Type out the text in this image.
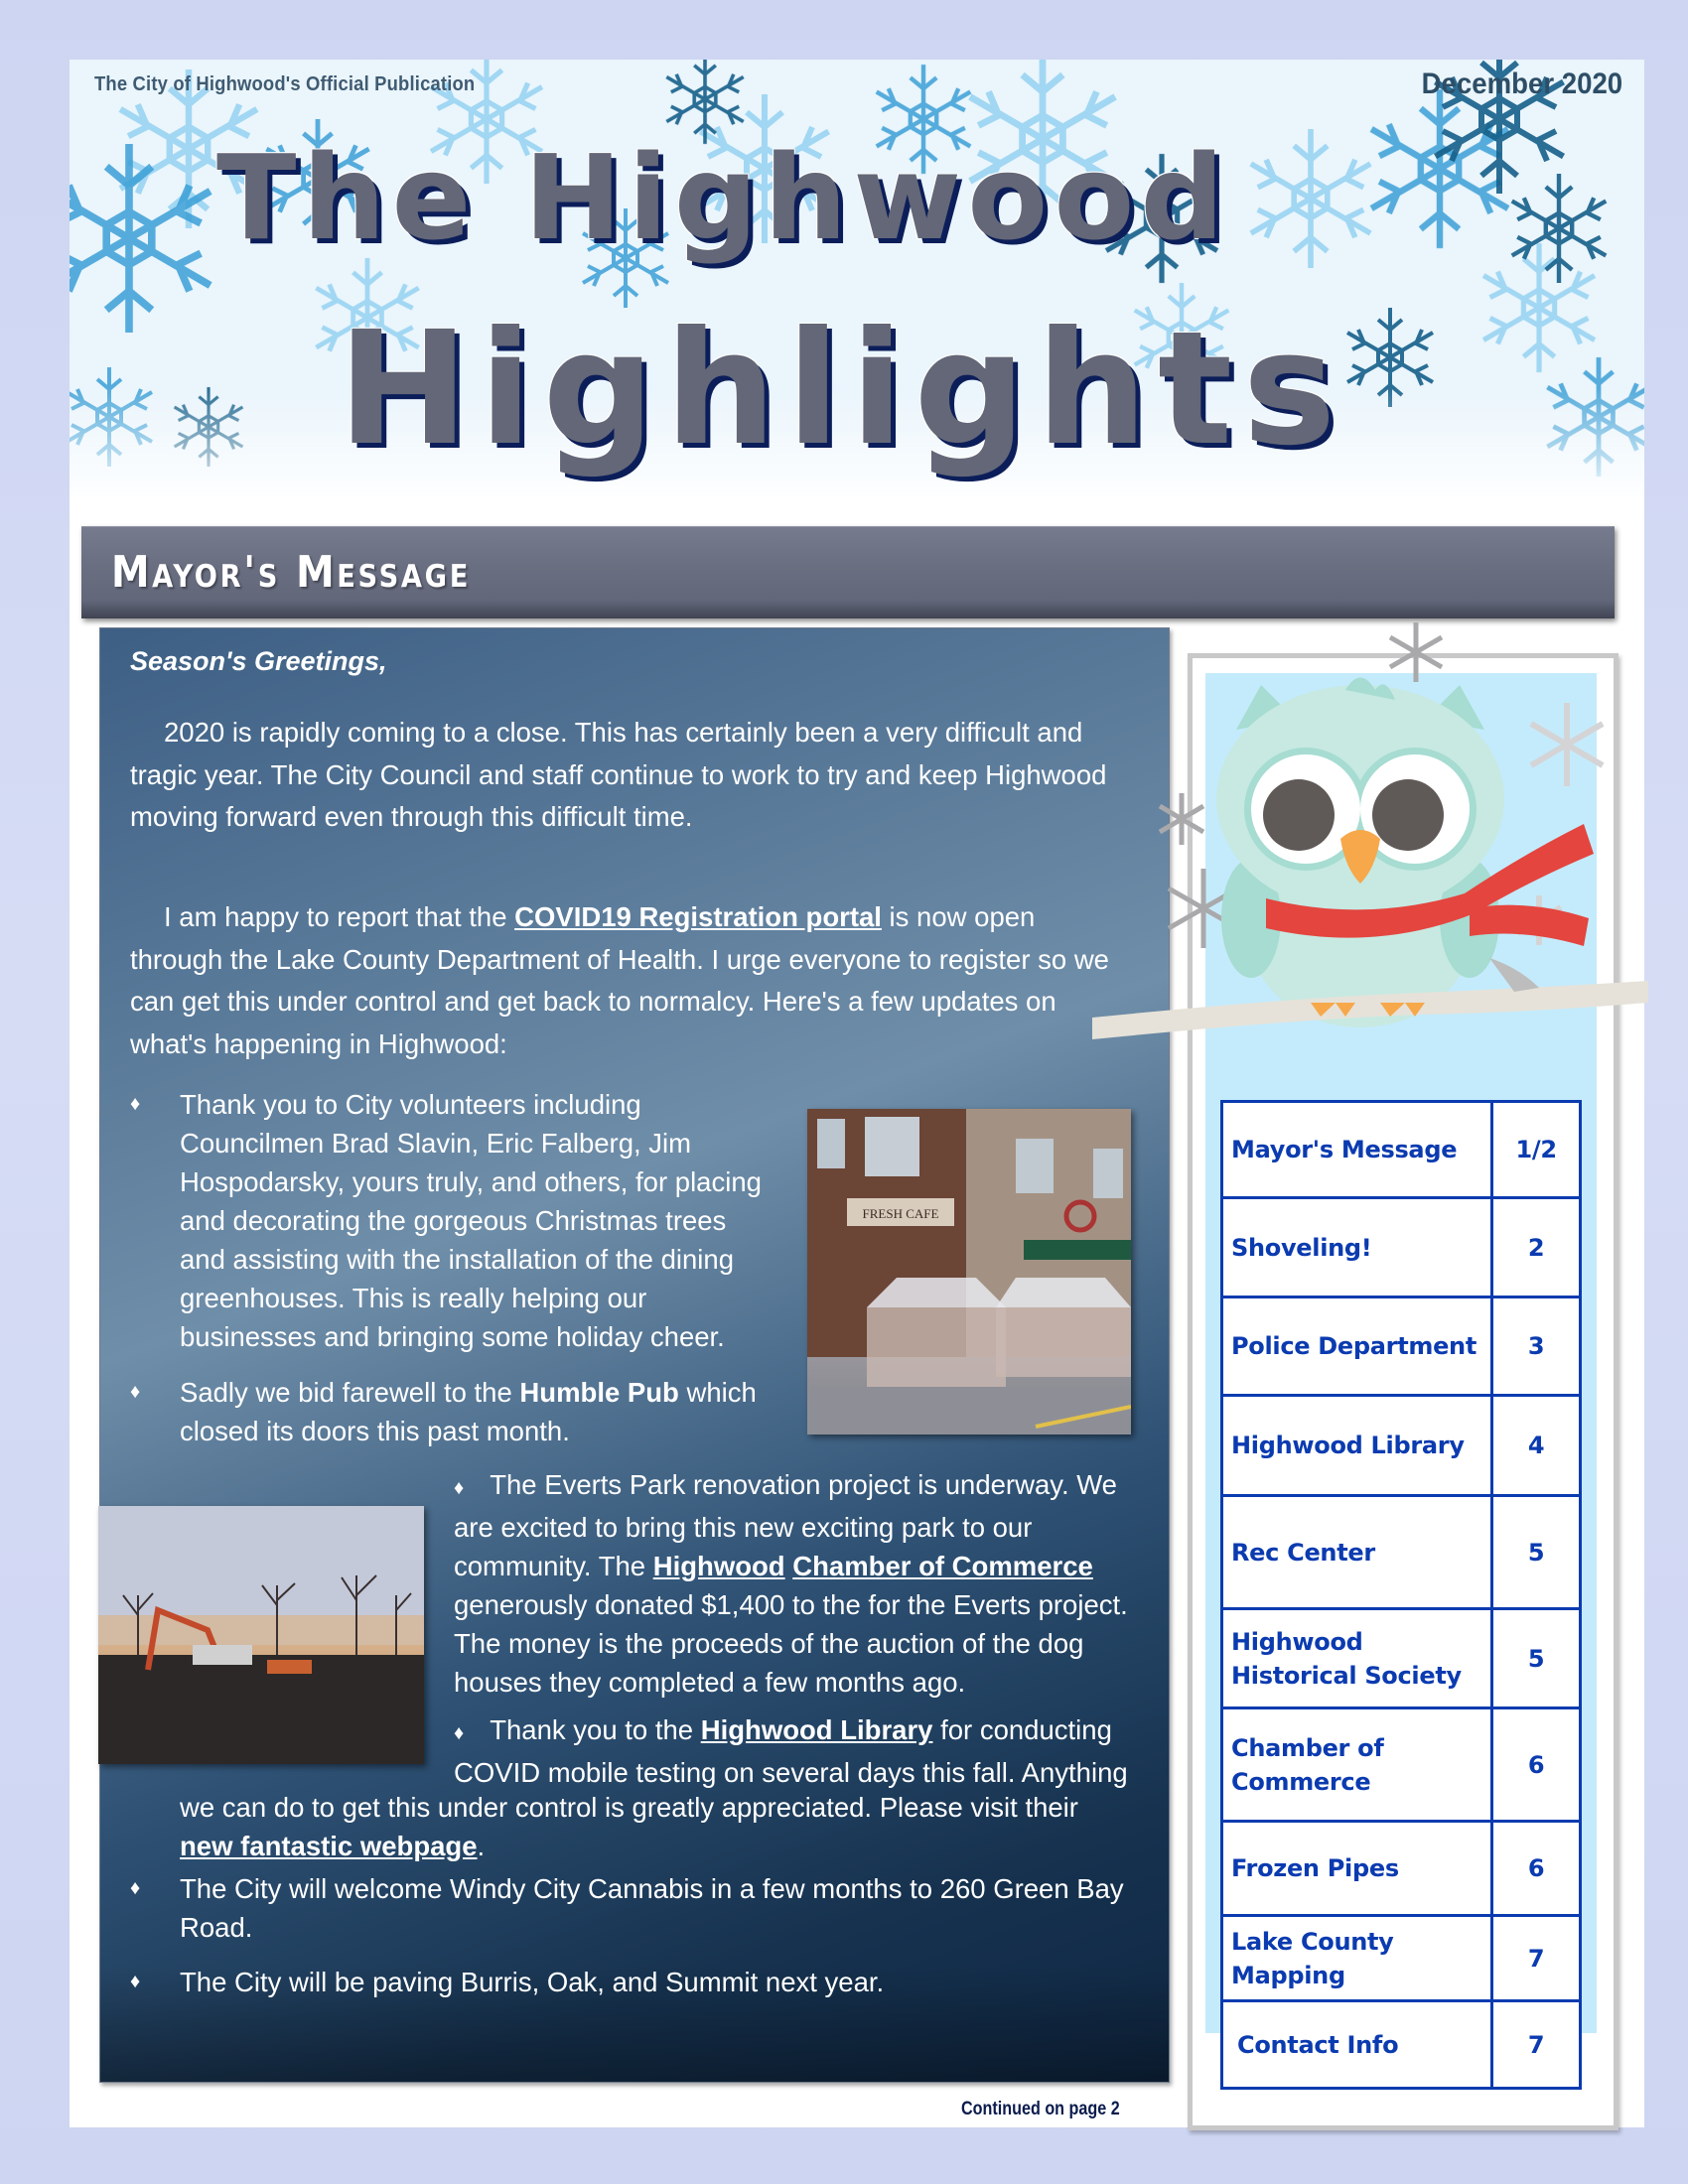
The City of Highwood's Official Publication	December 2020
The Highwood
Highlights
Mayor's Message
Season's Greetings,
2020 is rapidly coming to a close. This has certainly been a very difficult and tragic year. The City Council and staff continue to work to try and keep Highwood moving forward even through this difficult time.
I am happy to report that the COVID19 Registration portal is now open through the Lake County Department of Health. I urge everyone to register so we can get this under control and get back to normalcy. Here's a few updates on what's happening in Highwood:
♦ Thank you to City volunteers including Councilmen Brad Slavin, Eric Falberg, Jim Hospodarsky, yours truly, and others, for placing and decorating the gorgeous Christmas trees and assisting with the installation of the dining greenhouses. This is really helping our businesses and bringing some holiday cheer.
FRESH CAFE
♦ Sadly we bid farewell to the Humble Pub which closed its doors this past month.
♦ The Everts Park renovation project is underway. We are excited to bring this new exciting park to our community. The Highwood Chamber of Commerce generously donated $1,400 to the for the Everts project. The money is the proceeds of the auction of the dog houses they completed a few months ago.
♦ Thank you to the Highwood Library for conducting COVID mobile testing on several days this fall. Anything
we can do to get this under control is greatly appreciated. Please visit their new fantastic webpage.
♦ The City will welcome Windy City Cannabis in a few months to 260 Green Bay Road.
♦ The City will be paving Burris, Oak, and Summit next year.
Continued on page 2
Mayor's Message	1/2
Shoveling!	2
Police Department	3
Highwood Library	4
Rec Center	5
Highwood Historical Society	5
Chamber of Commerce	6
Frozen Pipes	6
Lake County Mapping	7
Contact Info	7
